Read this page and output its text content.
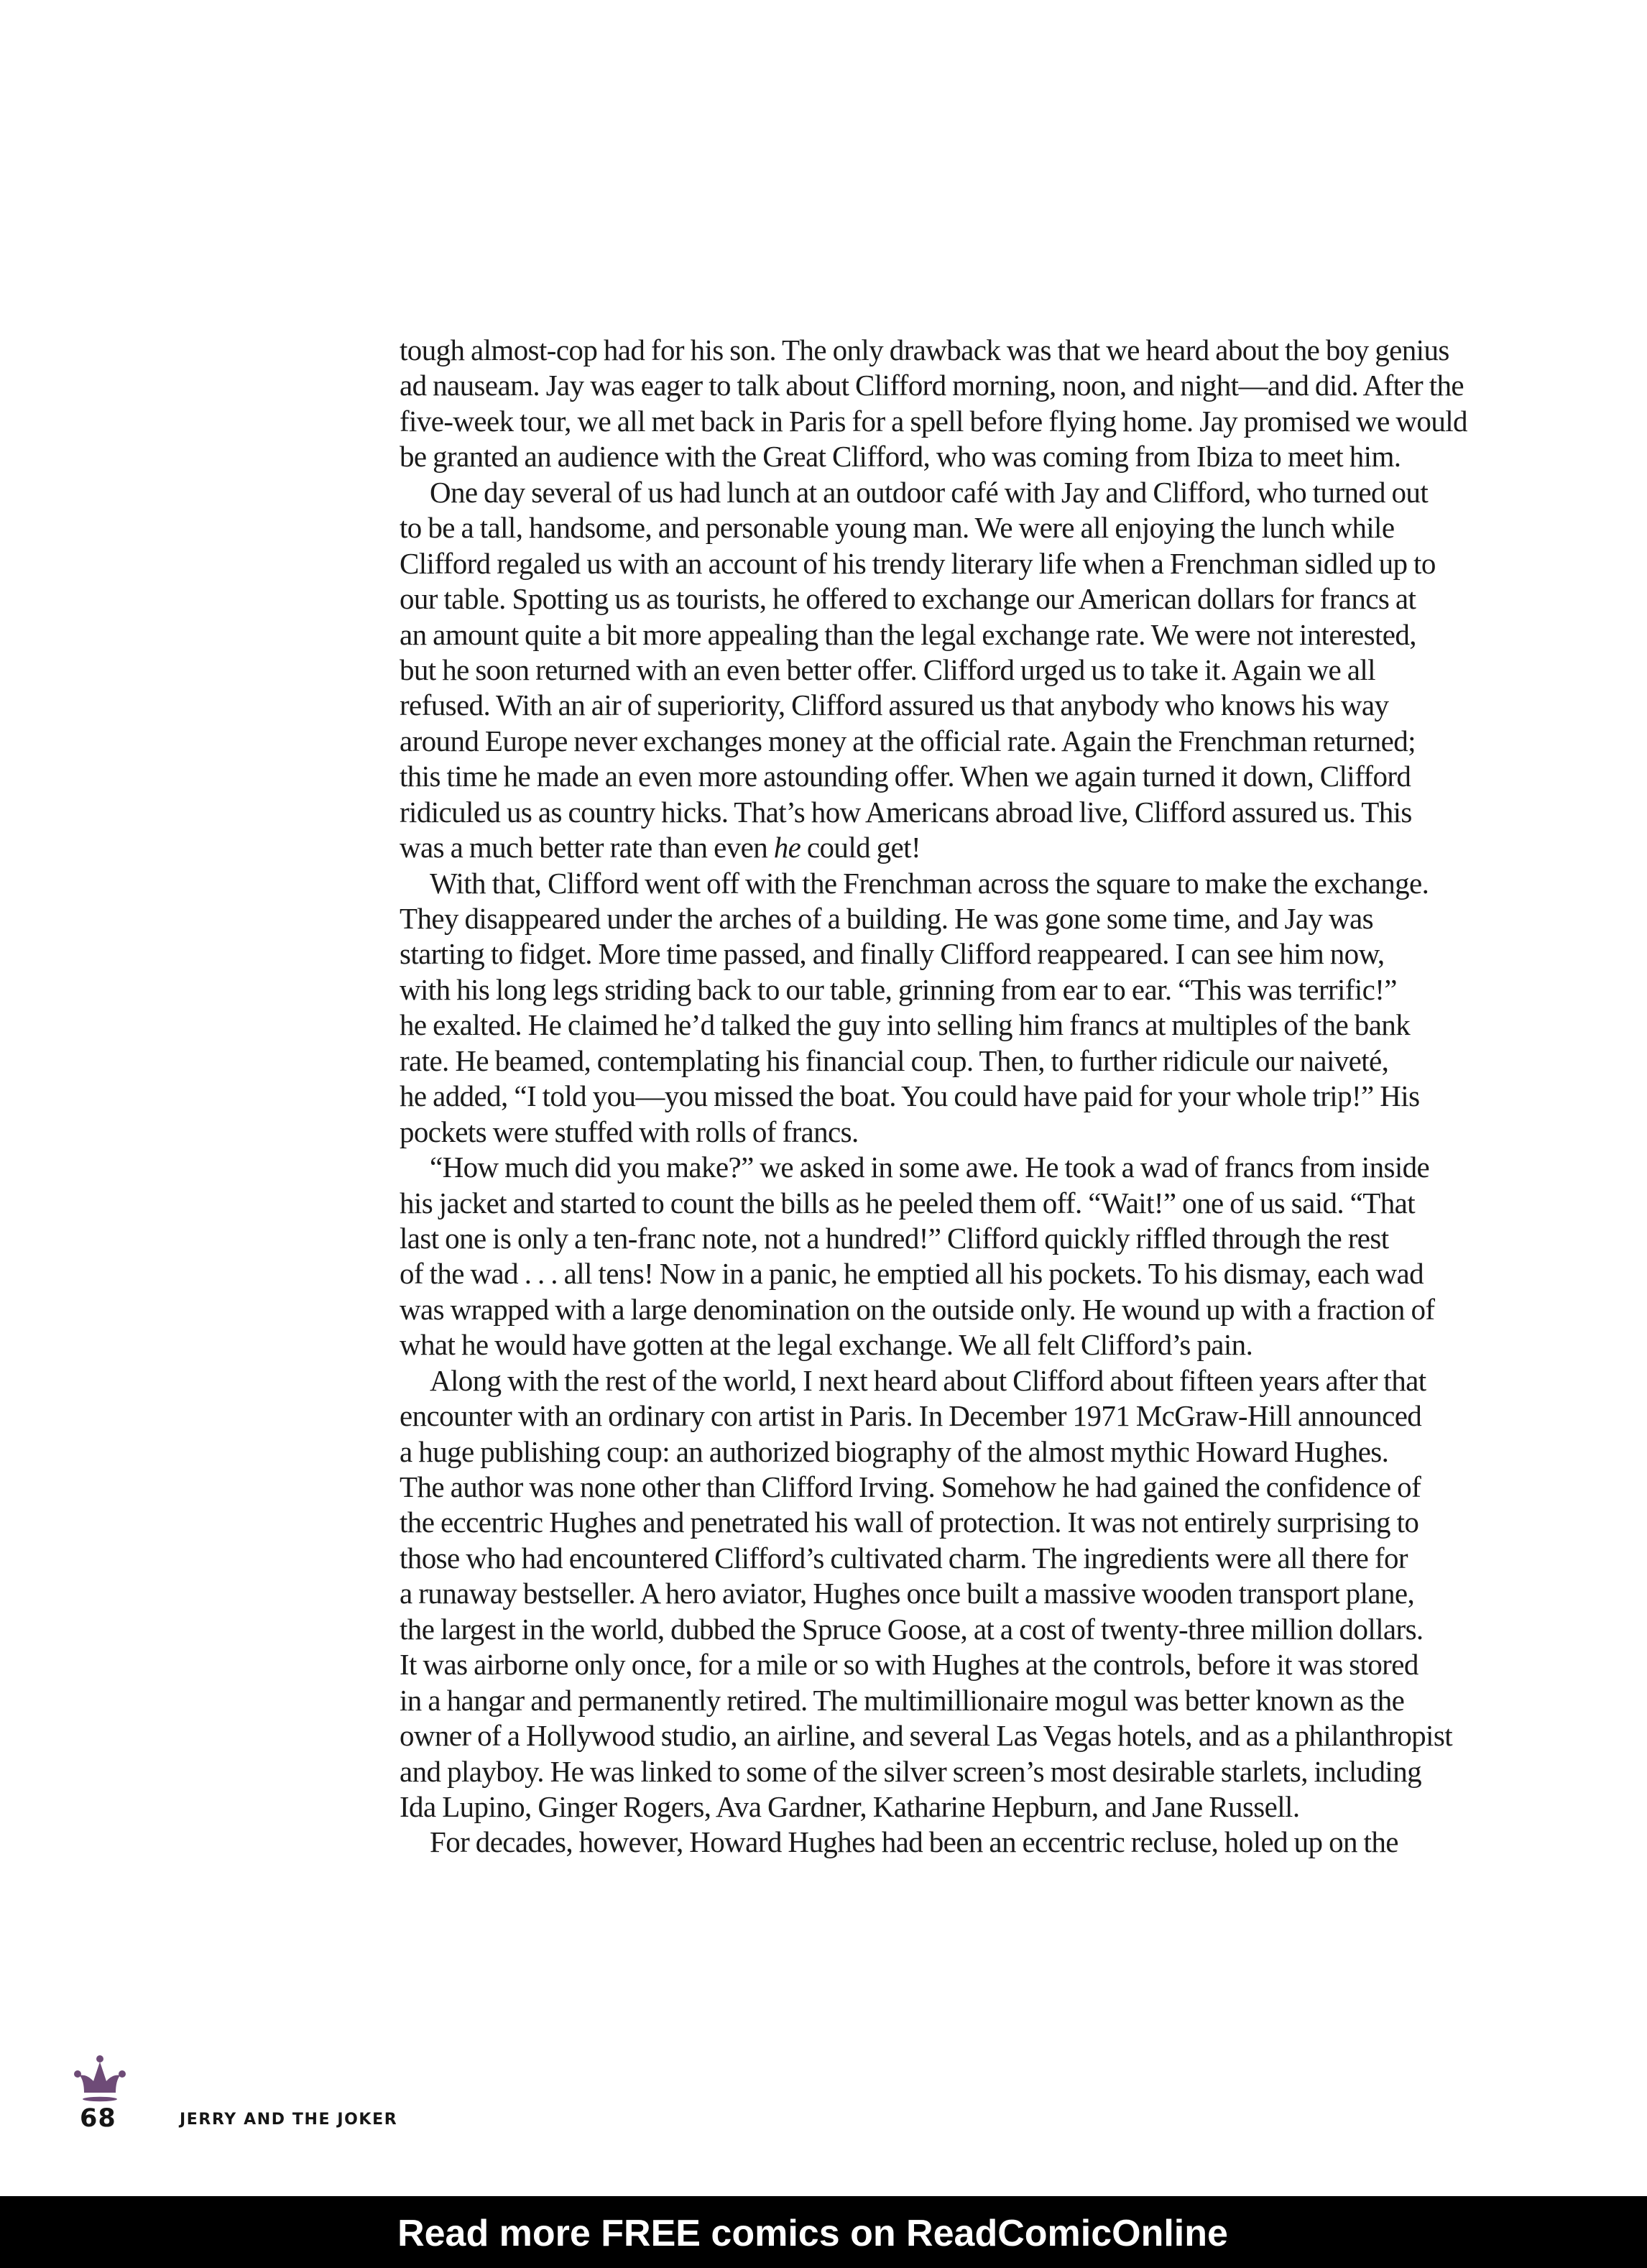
tough almost-cop had for his son. The only drawback was that we heard about the boy genius
ad nauseam. Jay was eager to talk about Clifford morning, noon, and night—and did. After the
five-week tour, we all met back in Paris for a spell before flying home. Jay promised we would
be granted an audience with the Great Clifford, who was coming from Ibiza to meet him.
One day several of us had lunch at an outdoor café with Jay and Clifford, who turned out
to be a tall, handsome, and personable young man. We were all enjoying the lunch while
Clifford regaled us with an account of his trendy literary life when a Frenchman sidled up to
our table. Spotting us as tourists, he offered to exchange our American dollars for francs at
an amount quite a bit more appealing than the legal exchange rate. We were not interested,
but he soon returned with an even better offer. Clifford urged us to take it. Again we all
refused. With an air of superiority, Clifford assured us that anybody who knows his way
around Europe never exchanges money at the official rate. Again the Frenchman returned;
this time he made an even more astounding offer. When we again turned it down, Clifford
ridiculed us as country hicks. That’s how Americans abroad live, Clifford assured us. This
was a much better rate than even he could get!
With that, Clifford went off with the Frenchman across the square to make the exchange.
They disappeared under the arches of a building. He was gone some time, and Jay was
starting to fidget. More time passed, and finally Clifford reappeared. I can see him now,
with his long legs striding back to our table, grinning from ear to ear. “This was terrific!”
he exalted. He claimed he’d talked the guy into selling him francs at multiples of the bank
rate. He beamed, contemplating his financial coup. Then, to further ridicule our naiveté,
he added, “I told you—you missed the boat. You could have paid for your whole trip!” His
pockets were stuffed with rolls of francs.
“How much did you make?” we asked in some awe. He took a wad of francs from inside
his jacket and started to count the bills as he peeled them off. “Wait!” one of us said. “That
last one is only a ten-franc note, not a hundred!” Clifford quickly riffled through the rest
of the wad . . . all tens! Now in a panic, he emptied all his pockets. To his dismay, each wad
was wrapped with a large denomination on the outside only. He wound up with a fraction of
what he would have gotten at the legal exchange. We all felt Clifford’s pain.
Along with the rest of the world, I next heard about Clifford about fifteen years after that
encounter with an ordinary con artist in Paris. In December 1971 McGraw-Hill announced
a huge publishing coup: an authorized biography of the almost mythic Howard Hughes.
The author was none other than Clifford Irving. Somehow he had gained the confidence of
the eccentric Hughes and penetrated his wall of protection. It was not entirely surprising to
those who had encountered Clifford’s cultivated charm. The ingredients were all there for
a runaway bestseller. A hero aviator, Hughes once built a massive wooden transport plane,
the largest in the world, dubbed the Spruce Goose, at a cost of twenty-three million dollars.
It was airborne only once, for a mile or so with Hughes at the controls, before it was stored
in a hangar and permanently retired. The multimillionaire mogul was better known as the
owner of a Hollywood studio, an airline, and several Las Vegas hotels, and as a philanthropist
and playboy. He was linked to some of the silver screen’s most desirable starlets, including
Ida Lupino, Ginger Rogers, Ava Gardner, Katharine Hepburn, and Jane Russell.
For decades, however, Howard Hughes had been an eccentric recluse, holed up on the
68	JERRY AND THE JOKER
Read more FREE comics on ReadComicOnline
